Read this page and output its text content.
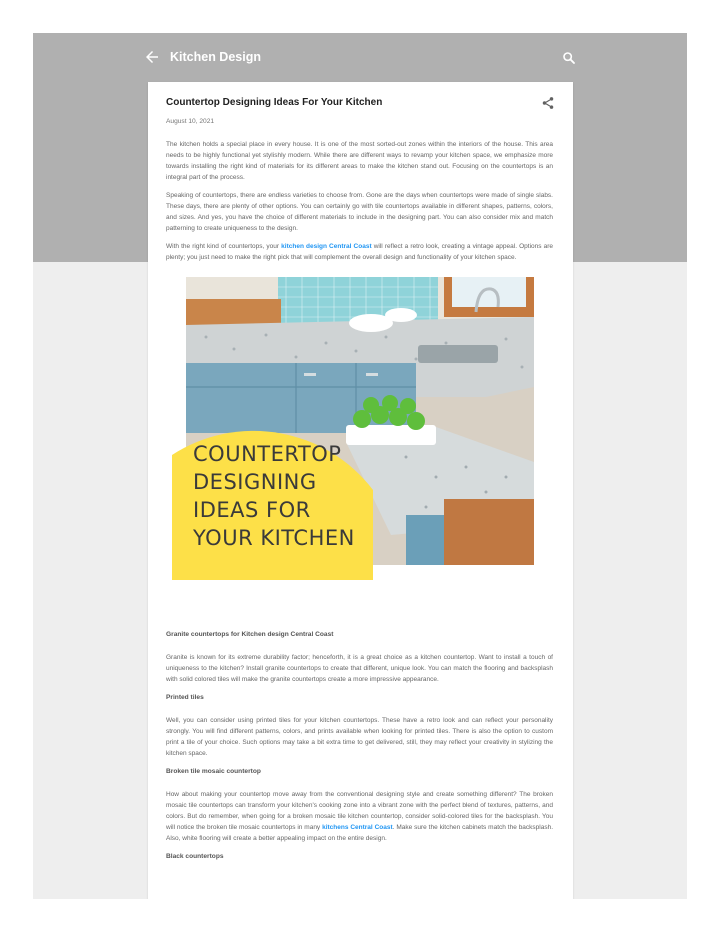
Kitchen Design
Countertop Designing Ideas For Your Kitchen
August 10, 2021

The kitchen holds a special place in every house. It is one of the most sorted-out zones within the interiors of the house. This area needs to be highly functional yet stylishly modern. While there are different ways to revamp your kitchen space, we emphasize more towards installing the right kind of materials for its different areas to make the kitchen stand out. Focusing on the countertops is an integral part of the process.

Speaking of countertops, there are endless varieties to choose from. Gone are the days when countertops were made of single slabs. These days, there are plenty of other options. You can certainly go with tile countertops available in different shapes, patterns, colors, and sizes. And yes, you have the choice of different materials to include in the designing part. You can also consider mix and match patterning to create uniqueness to the design.

With the right kind of countertops, your kitchen design Central Coast will reflect a retro look, creating a vintage appeal. Options are plenty; you just need to make the right pick that will complement the overall design and functionality of your kitchen space.

COUNTERTOP
DESIGNING
IDEAS FOR
YOUR KITCHEN
Granite countertops for Kitchen design Central Coast

Granite is known for its extreme durability factor; henceforth, it is a great choice as a kitchen countertop. Want to install a touch of uniqueness to the kitchen? Install granite countertops to create that different, unique look. You can match the flooring and backsplash with solid colored tiles will make the granite countertops create a more impressive appearance.

Printed tiles

Well, you can consider using printed tiles for your kitchen countertops. These have a retro look and can reflect your personality strongly. You will find different patterns, colors, and prints available when looking for printed tiles. There is also the option to custom print a tile of your choice. Such options may take a bit extra time to get delivered, still, they may reflect your creativity in stylizing the kitchen space.

Broken tile mosaic countertop

How about making your countertop move away from the conventional designing style and create something different? The broken mosaic tile countertops can transform your kitchen's cooking zone into a vibrant zone with the perfect blend of textures, patterns, and colors. But do remember, when going for a broken mosaic tile kitchen countertop, consider solid-colored tiles for the backsplash. You will notice the broken tile mosaic countertops in many kitchens Central Coast. Make sure the kitchen cabinets match the backsplash. Also, white flooring will create a better appealing impact on the entire design.

Black countertops
